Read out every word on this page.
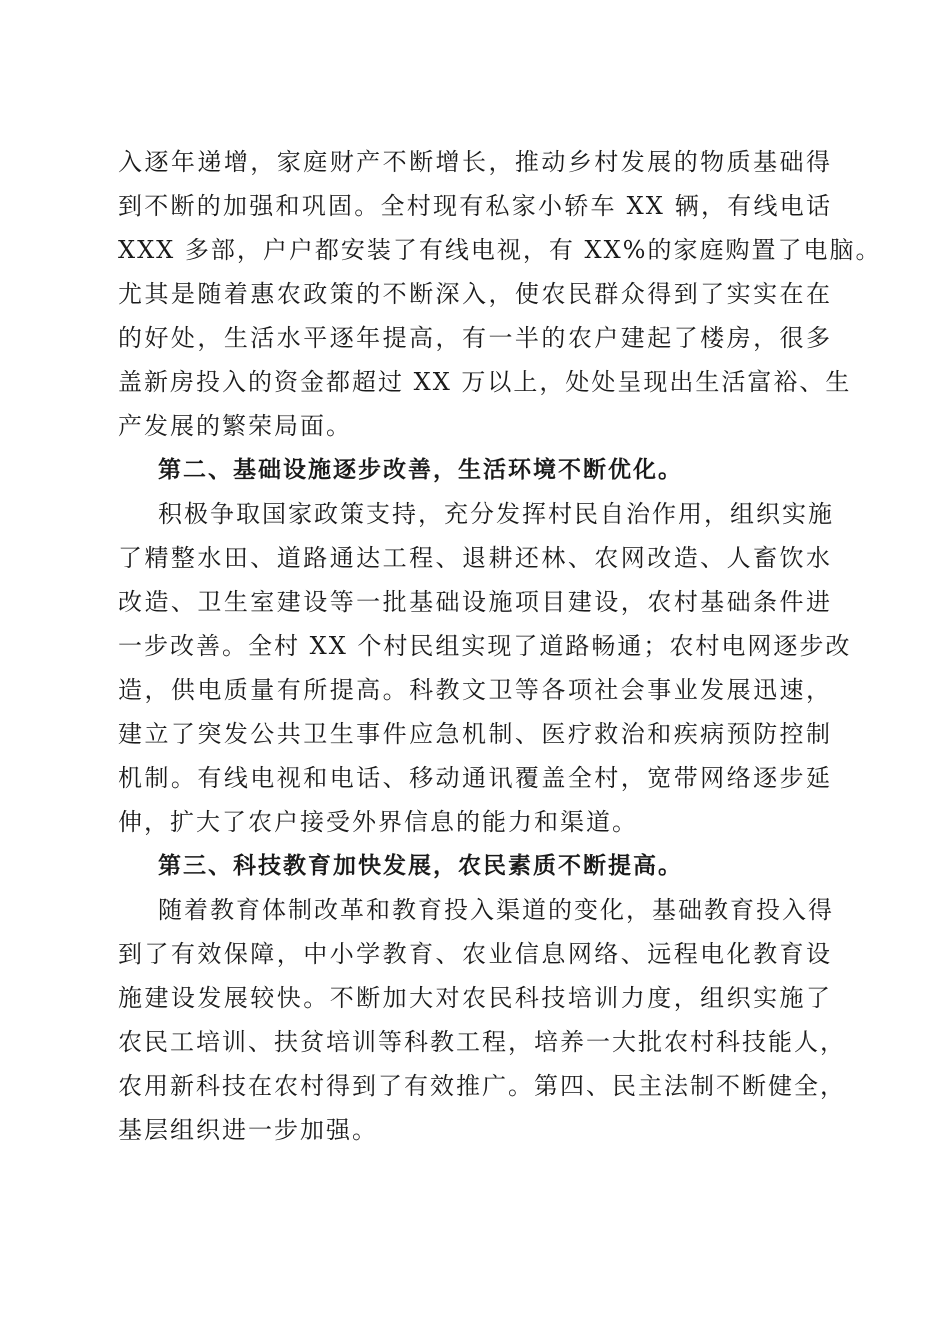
入逐年递增，家庭财产不断增长，推动乡村发展的物质基础得
到不断的加强和巩固。全村现有私家小轿车 XX 辆，有线电话
XXX 多部，户户都安装了有线电视，有 XX%的家庭购置了电脑。
尤其是随着惠农政策的不断深入，使农民群众得到了实实在在
的好处，生活水平逐年提高，有一半的农户建起了楼房，很多
盖新房投入的资金都超过 XX 万以上，处处呈现出生活富裕、生
产发展的繁荣局面。
第二、基础设施逐步改善，生活环境不断优化。
积极争取国家政策支持，充分发挥村民自治作用，组织实施
了精整水田、道路通达工程、退耕还林、农网改造、人畜饮水
改造、卫生室建设等一批基础设施项目建设，农村基础条件进
一步改善。全村 XX 个村民组实现了道路畅通；农村电网逐步改
造，供电质量有所提高。科教文卫等各项社会事业发展迅速，
建立了突发公共卫生事件应急机制、医疗救治和疾病预防控制
机制。有线电视和电话、移动通讯覆盖全村，宽带网络逐步延
伸，扩大了农户接受外界信息的能力和渠道。
第三、科技教育加快发展，农民素质不断提高。
随着教育体制改革和教育投入渠道的变化，基础教育投入得
到了有效保障，中小学教育、农业信息网络、远程电化教育设
施建设发展较快。不断加大对农民科技培训力度，组织实施了
农民工培训、扶贫培训等科教工程，培养一大批农村科技能人，
农用新科技在农村得到了有效推广。第四、民主法制不断健全，
基层组织进一步加强。
